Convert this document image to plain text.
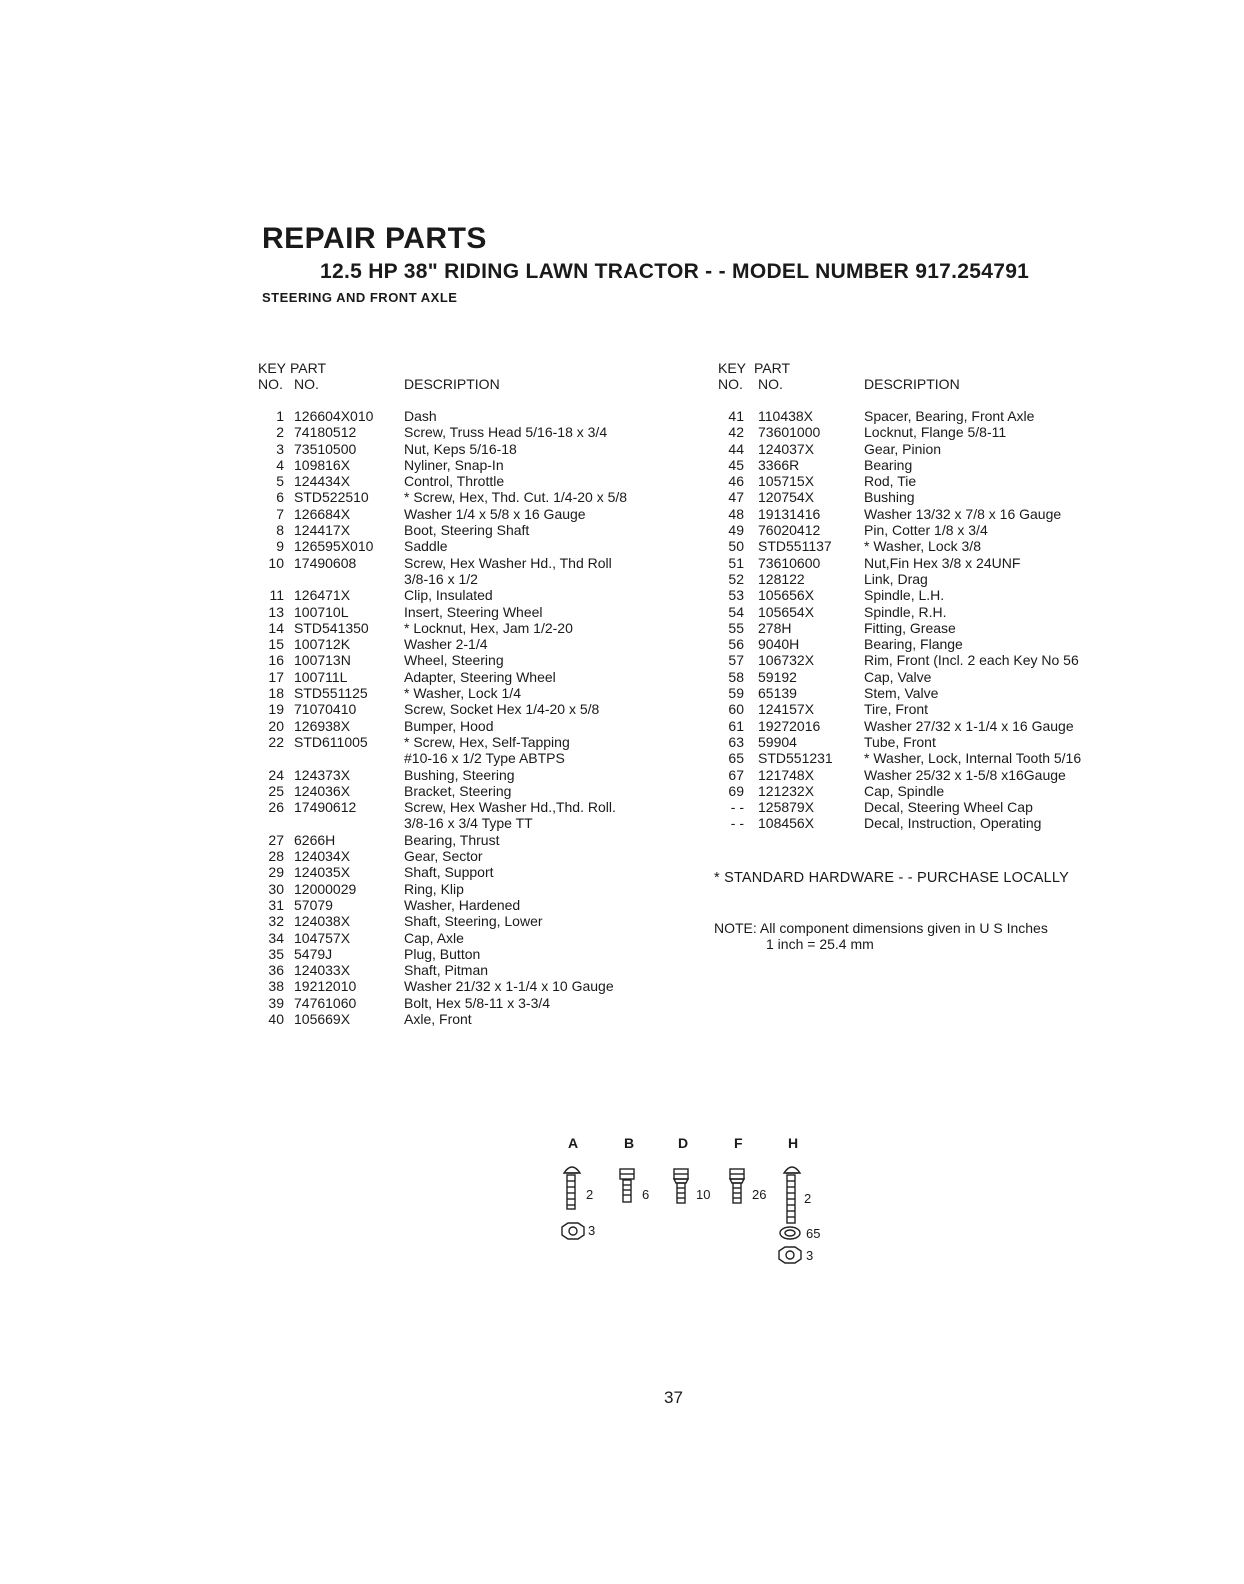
REPAIR PARTS
12.5 HP 38" RIDING LAWN TRACTOR - - MODEL NUMBER 917.254791
STEERING AND FRONT AXLE
KEY
NO.
PART
NO.	DESCRIPTION
1 126604X010 Dash
2 74180512	Screw, Truss Head 5/16-18 x 3/4
3 73510500	Nut, Keps 5/16-18
4 109816X	Nyliner, Snap-In
5 124434X	Control, Throttle
6 STD522510	* Screw, Hex, Thd. Cut. 1/4-20 x 5/8
7 126684X	Washer 1/4 x 5/8 x 16 Gauge
8 124417X	Boot, Steering Shaft
9 126595X010 Saddle
10 17490608	Screw, Hex Washer Hd., Thd Roll
3/8-16 x 1/2
11 126471X	Clip, Insulated
13 100710L	Insert, Steering Wheel
14 STD541350	* Locknut, Hex, Jam 1/2-20
15 100712K	Washer 2-1/4
16 100713N	Wheel, Steering
17 100711L	Adapter, Steering Wheel
18 STD551125	* Washer, Lock 1/4
19 71070410	Screw, Socket Hex 1/4-20 x 5/8
20 126938X	Bumper, Hood
22 STD611005	* Screw, Hex, Self-Tapping
#10-16 x 1/2 Type ABTPS
24 124373X	Bushing, Steering
25 124036X	Bracket, Steering
26 17490612	Screw, Hex Washer Hd.,Thd. Roll.
3/8-16 x 3/4 Type TT
27 6266H	Bearing, Thrust
28 124034X	Gear, Sector
29 124035X	Shaft, Support
30 12000029	Ring, Klip
31 57079	Washer, Hardened
32 124038X	Shaft, Steering, Lower
34 104757X	Cap, Axle
35 5479J	Plug, Button
36 124033X	Shaft, Pitman
38 19212010	Washer 21/32 x 1-1/4 x 10 Gauge
39 74761060	Bolt, Hex 5/8-11 x 3-3/4
40 105669X	Axle, Front
KEY
NO.
PART
NO.	DESCRIPTION
41 110438X	Spacer, Bearing, Front Axle
42 73601000	Locknut, Flange 5/8-11
44 124037X	Gear, Pinion
45 3366R	Bearing
46 105715X	Rod, Tie
47 120754X	Bushing
48 19131416	Washer 13/32 x 7/8 x 16 Gauge
49 76020412	Pin, Cotter 1/8 x 3/4
50 STD551137 * Washer, Lock 3/8
51 73610600	Nut,Fin Hex 3/8 x 24UNF
52 128122	Link, Drag
53 105656X	Spindle, L.H.
54 105654X	Spindle, R.H.
55 278H	Fitting, Grease
56 9040H	Bearing, Flange
57 106732X	Rim, Front (Incl. 2 each Key No 56
58 59192	Cap, Valve
59 65139	Stem, Valve
60 124157X	Tire, Front
61 19272016	Washer 27/32 x 1-1/4 x 16 Gauge
63 59904	Tube, Front
65 STD551231 * Washer, Lock, Internal Tooth 5/16
67 121748X	Washer 25/32 x 1-5/8 x16Gauge
69 121232X	Cap, Spindle
- - 125879X	Decal, Steering Wheel Cap
- - 108456X	Decal, Instruction, Operating
* STANDARD HARDWARE - - PURCHASE LOCALLY
NOTE: All component dimensions given in U S Inches
1 inch = 25.4 mm
A	B	D	F	H
2	6	10	26	2
3	65
3
37
